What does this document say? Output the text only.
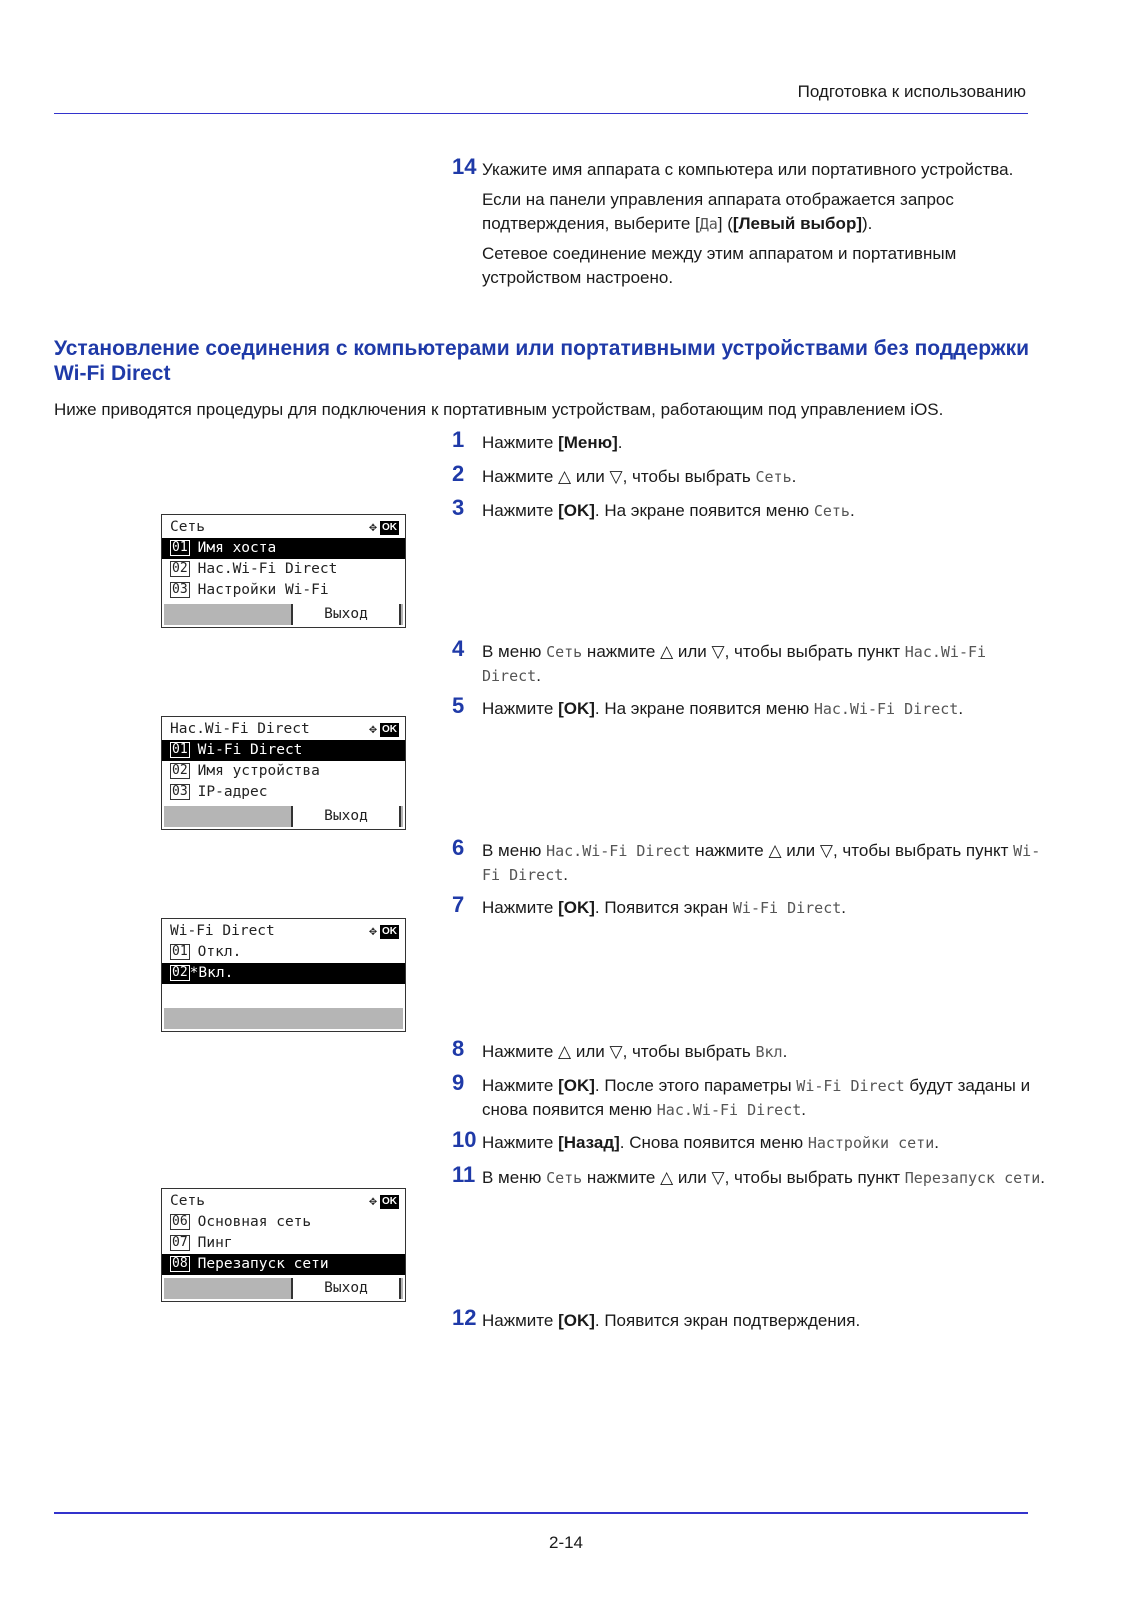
Подготовка к использованию
14 Укажите имя аппарата с компьютера или портативного устройства.

Если на панели управления аппарата отображается запрос подтверждения, выберите [Да] ([Левый выбор]).

Сетевое соединение между этим аппаратом и портативным устройством настроено.

Установление соединения с компьютерами или портативными устройствами без поддержки Wi-Fi Direct
Ниже приводятся процедуры для подключения к портативным устройствам, работающим под управлением iOS.
1 Нажмите [Меню].
2 Нажмите △ или ▽, чтобы выбрать Сеть.
3 Нажмите [OK]. На экране появится меню Сеть.
Сеть	✥ OK
01 Имя хоста
02 Нас.Wi-Fi Direct
03 Настройки Wi-Fi
Выход
4 В меню Сеть нажмите △ или ▽, чтобы выбрать пункт Нас.Wi-Fi Direct.
5 Нажмите [OK]. На экране появится меню Нас.Wi-Fi Direct.
Нас.Wi-Fi Direct	✥ OK
01 Wi-Fi Direct
02 Имя устройства
03 IP-адрес
Выход
6 В меню Нас.Wi-Fi Direct нажмите △ или ▽, чтобы выбрать пункт Wi-Fi Direct.
7 Нажмите [OK]. Появится экран Wi-Fi Direct.
Wi-Fi Direct	✥ OK
01 Откл.
02 *Вкл.
8 Нажмите △ или ▽, чтобы выбрать Вкл.
9 Нажмите [OK]. После этого параметры Wi-Fi Direct будут заданы и снова появится меню Нас.Wi-Fi Direct.
10 Нажмите [Назад]. Снова появится меню Настройки сети.
11 В меню Сеть нажмите △ или ▽, чтобы выбрать пункт Перезапуск сети.
Сеть	✥ OK
06 Основная сеть
07 Пинг
08 Перезапуск сети
Выход
12 Нажмите [OK]. Появится экран подтверждения.
2-14
